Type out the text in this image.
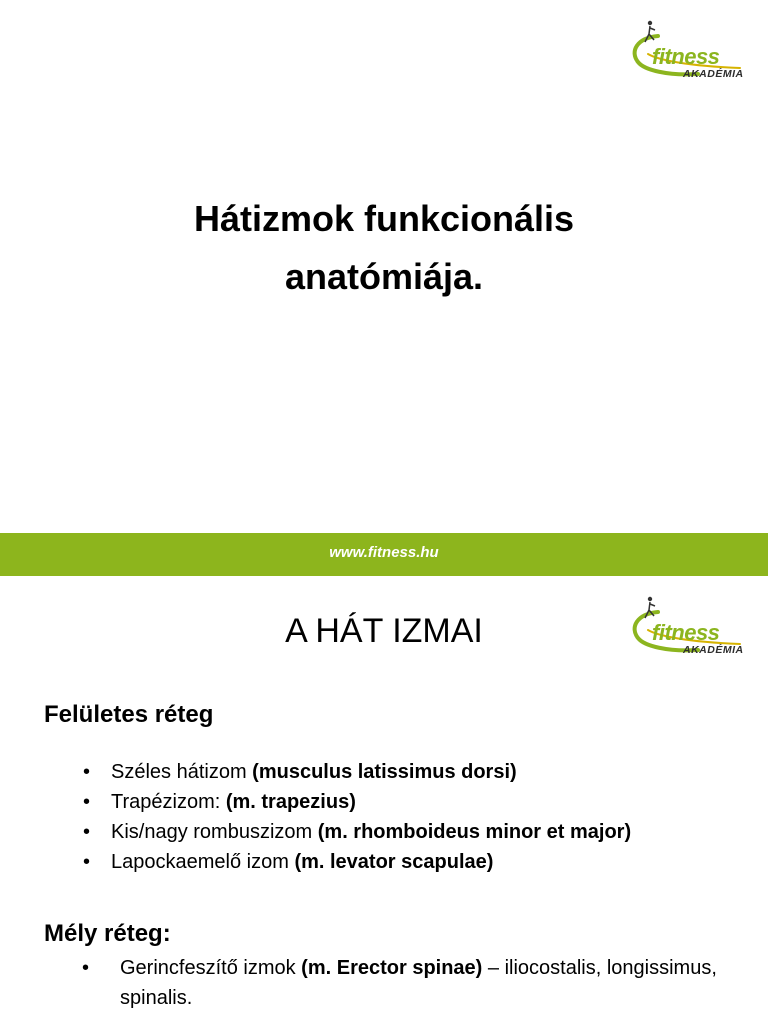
fitness
AKADÉMIA
Hátizmok funkcionális
anatómiája.
www.fitness.hu
fitness
AKADÉMIA
A HÁT IZMAI
Felületes réteg
• Széles hátizom (musculus latissimus dorsi)
• Trapézizom: (m. trapezius)
• Kis/nagy rombuszizom (m. rhomboideus minor et major)
• Lapockaemelő izom (m. levator scapulae)
Mély réteg:
• Gerincfeszítő izmok (m. Erector spinae) – iliocostalis, longissimus, spinalis.
